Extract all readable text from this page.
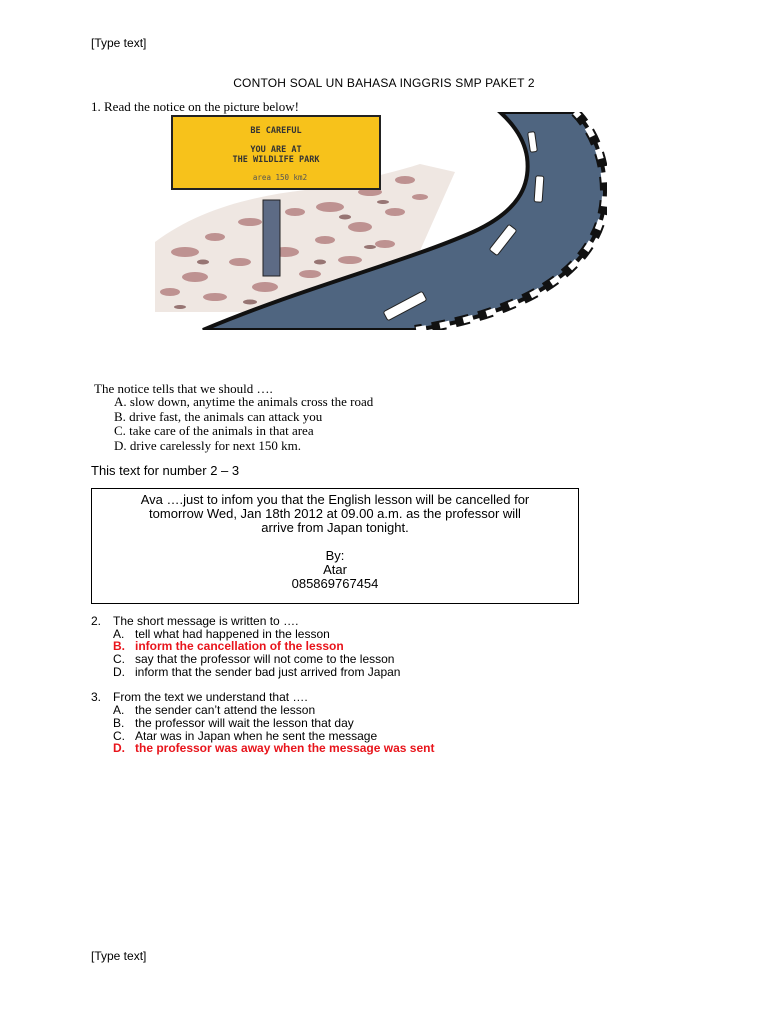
[Type text]
CONTOH SOAL UN BAHASA INGGRIS SMP PAKET 2
1. Read the notice on the picture below!
BE CAREFUL
YOU ARE AT
THE WILDLIFE PARK
area 150 km2
The notice tells that we should ….
A. slow down, anytime the animals cross the road
B. drive fast, the animals can attack you
C. take care of the animals in that area
D. drive carelessly for next 150 km.
This text for number 2 – 3
Ava ….just to infom you that the English lesson will be cancelled for
tomorrow Wed, Jan 18th 2012 at 09.00 a.m. as the professor will
arrive from Japan tonight.
By:
Atar
085869767454
2. The short message is written to ….
A. tell what had happened in the lesson
B. inform the cancellation of the lesson
C. say that the professor will not come to the lesson
D. inform that the sender bad just arrived from Japan
3. From the text we understand that ….
A. the sender can’t attend the lesson
B. the professor will wait the lesson that day
C. Atar was in Japan when he sent the message
D. the professor was away when the message was sent
[Type text]
